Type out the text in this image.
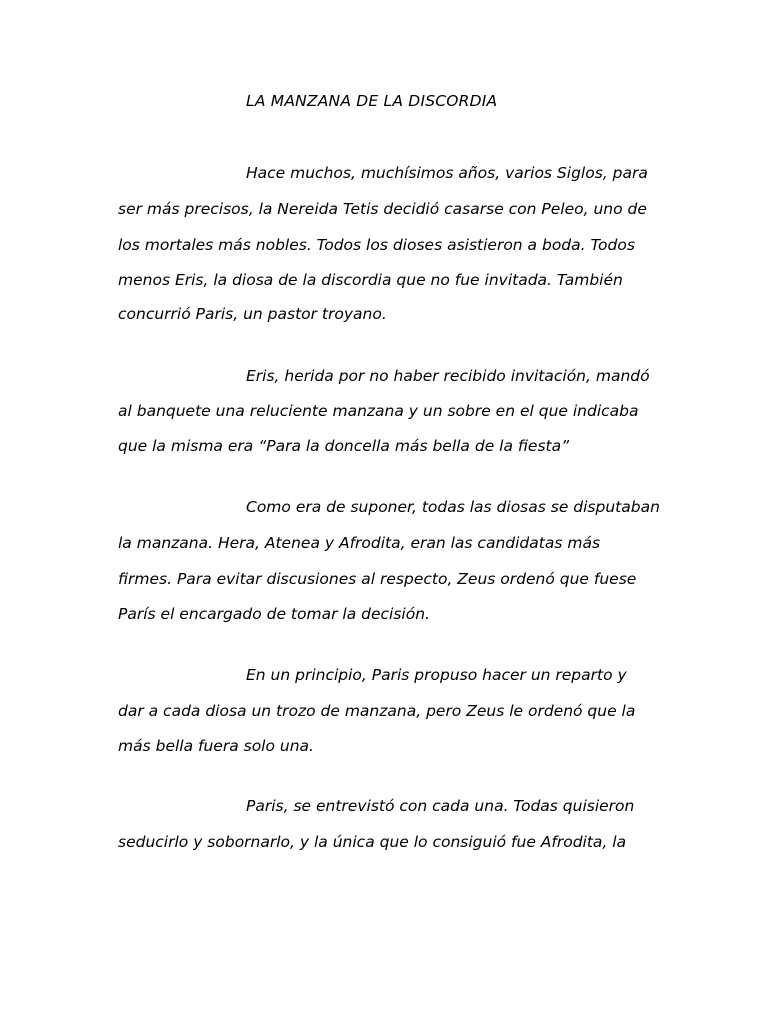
LA MANZANA DE LA DISCORDIA

Hace muchos, muchísimos años, varios Siglos, para

ser más precisos, la Nereida Tetis decidió casarse con Peleo, uno de

los mortales más nobles. Todos los dioses asistieron a boda. Todos

menos Eris, la diosa de la discordia que no fue invitada. También

concurrió Paris, un pastor troyano.

Eris, herida por no haber recibido invitación, mandó

al banquete una reluciente manzana y un sobre en el que indicaba

que la misma era “Para la doncella más bella de la fiesta”

Como era de suponer, todas las diosas se disputaban

la manzana. Hera, Atenea y Afrodita, eran las candidatas más

firmes. Para evitar discusiones al respecto, Zeus ordenó que fuese

París el encargado de tomar la decisión.

En un principio, Paris propuso hacer un reparto y

dar a cada diosa un trozo de manzana, pero Zeus le ordenó que la

más bella fuera solo una.

Paris, se entrevistó con cada una. Todas quisieron

seducirlo y sobornarlo, y la única que lo consiguió fue Afrodita, la
